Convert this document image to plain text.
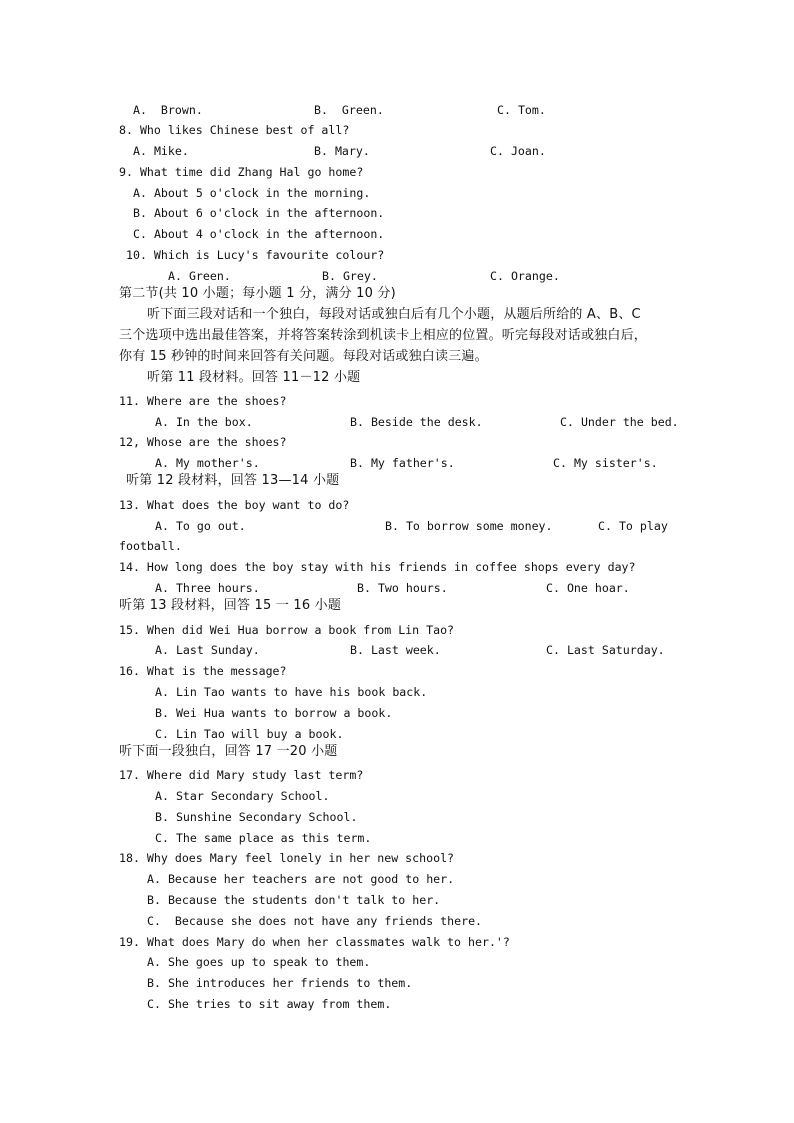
A.  Brown.

	B.  Green.

	C. Tom.

8. Who likes Chinese best of all?

A. Mike.

	B. Mary.

	C. Joan.

9. What time did Zhang Hal go home?
A. About 5 o'clock in the morning.
B. About 6 o'clock in the afternoon.
C. About 4 o'clock in the afternoon.
10. Which is Lucy's favourite colour?

A. Green.

	B. Grey.

	C. Orange.

第二节(共 10 小题；每小题 1 分，满分 10 分)
听下面三段对话和一个独白，每段对话或独白后有几个小题，从题后所给的 A、B、C
三个选项中选出最佳答案，并将答案转涂到机读卡上相应的位置。听完每段对话或独白后，
你有 15 秒钟的时间来回答有关问题。每段对话或独白读三遍。
听第 11 段材料。回答 11－12 小题
11. Where are the shoes?

A. In the box.

	B. Beside the desk.

	C. Under the bed.

12, Whose are the shoes?

A. My mother's.

	B. My father's.

	C. My sister's.

听第 12 段材料，回答 13—14 小题
13. What does the boy want to do?

A. To go out.

	B. To borrow some money.

	C. To play

football.
14. How long does the boy stay with his friends in coffee shops every day?

A. Three hours.

	B. Two hours.

	C. One hoar.

听第 13 段材料，回答 15 一 16 小题
15. When did Wei Hua borrow a book from Lin Tao?

A. Last Sunday.

	B. Last week.

	C. Last Saturday.

16. What is the message?
A. Lin Tao wants to have his book back.
B. Wei Hua wants to borrow a book.
C. Lin Tao will buy a book.
听下面一段独白，回答 17 一20 小题
17. Where did Mary study last term?
A. Star Secondary School.
B. Sunshine Secondary School.
C. The same place as this term.
18. Why does Mary feel lonely in her new school?
A. Because her teachers are not good to her.
B. Because the students don't talk to her.
C.  Because she does not have any friends there.
19. What does Mary do when her classmates walk to her.'?
A. She goes up to speak to them.
B. She introduces her friends to them.
C. She tries to sit away from them.
